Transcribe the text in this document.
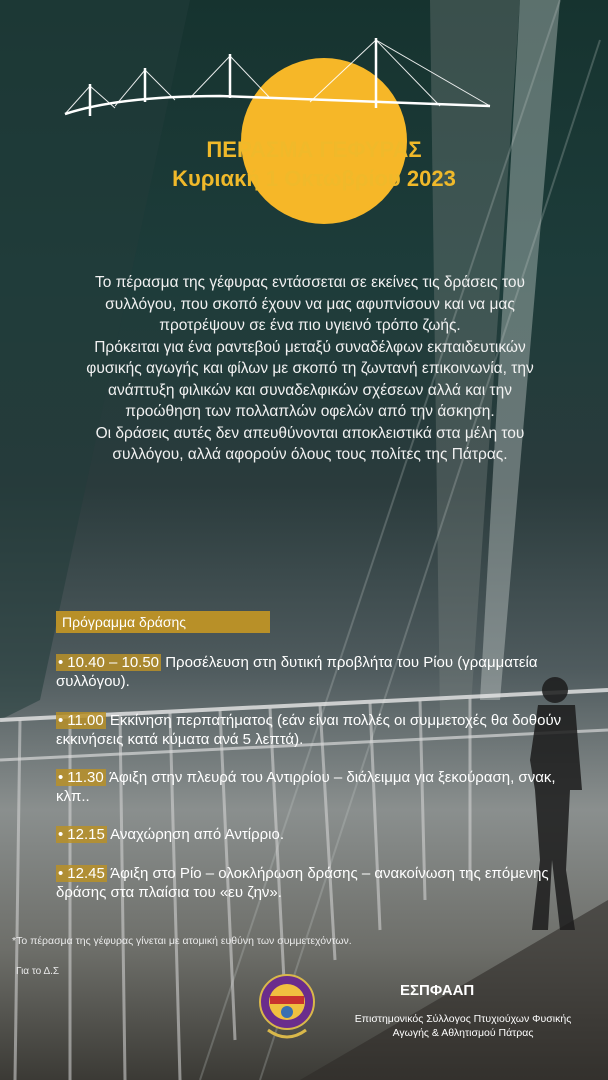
ΠΕΡΑΣΜΑ ΓΕΦΥΡΑΣ
Κυριακή 1 Οκτωβρίου 2023

Το πέρασμα της γέφυρας εντάσσεται σε εκείνες τις δράσεις του συλλόγου, που σκοπό έχουν να μας αφυπνίσουν και να μας προτρέψουν σε ένα πιο υγιεινό τρόπο ζωής.

Πρόκειται για ένα ραντεβού μεταξύ συναδέλφων εκπαιδευτικών φυσικής αγωγής και φίλων με σκοπό τη ζωντανή επικοινωνία, την ανάπτυξη φιλικών και συναδελφικών σχέσεων αλλά και την προώθηση των πολλαπλών οφελών από την άσκηση.

Οι δράσεις αυτές δεν απευθύνονται αποκλειστικά στα μέλη του συλλόγου, αλλά αφορούν όλους τους πολίτες της Πάτρας.

Πρόγραμμα δράσης
• 10.40 – 10.50 Προσέλευση στη δυτική προβλήτα του Ρίου (γραμματεία συλλόγου).
• 11.00 Εκκίνηση περπατήματος (εάν είναι πολλές οι συμμετοχές θα δοθούν εκκινήσεις κατά κύματα ανά 5 λεπτά).
• 11.30 Άφιξη στην πλευρά του Αντιρρίου – διάλειμμα για ξεκούραση, σνακ, κλπ..
• 12.15 Αναχώρηση από Αντίρριο.
• 12.45 Άφιξη στο Ρίο – ολοκλήρωση δράσης – ανακοίνωση της επόμενης δράσης στα πλαίσια του «ευ ζην».
*Το πέρασμα της γέφυρας γίνεται με ατομική ευθύνη των συμμετεχόντων.
Για το Δ.Σ
ΕΣΠΦΑΑΠ
Επιστημονικός Σύλλογος Πτυχιούχων Φυσικής Αγωγής & Αθλητισμού Πάτρας
